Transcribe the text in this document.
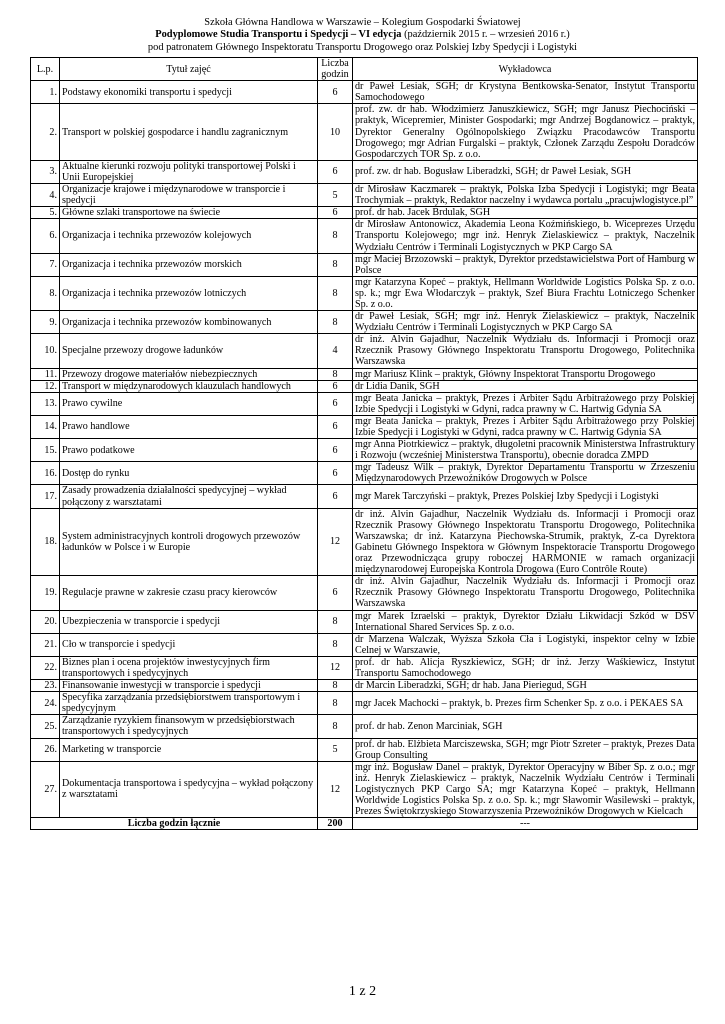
Szkoła Główna Handlowa w Warszawie – Kolegium Gospodarki Światowej
Podyplomowe Studia Transportu i Spedycji – VI edycja (październik 2015 r. – wrzesień 2016 r.)
pod patronatem Głównego Inspektoratu Transportu Drogowego oraz Polskiej Izby Spedycji i Logistyki
L.p.	Tytuł zajęć	Liczba godzin	Wykładowca
1.	Podstawy ekonomiki transportu i spedycji	6	dr Paweł Lesiak, SGH; dr Krystyna Bentkowska-Senator, Instytut Transportu Samochodowego
2.	Transport w polskiej gospodarce i handlu zagranicznym	10	prof. zw. dr hab. Włodzimierz Januszkiewicz, SGH; mgr Janusz Piechociński – praktyk, Wicepremier, Minister Gospodarki; mgr Andrzej Bogdanowicz – praktyk, Dyrektor Generalny Ogólnopolskiego Związku Pracodawców Transportu Drogowego; mgr Adrian Furgalski – praktyk, Członek Zarządu Zespołu Doradców Gospodarczych TOR Sp. z o.o.
3.	Aktualne kierunki rozwoju polityki transportowej Polski i Unii Europejskiej	6	prof. zw. dr hab. Bogusław Liberadzki, SGH; dr Paweł Lesiak, SGH
4.	Organizacje krajowe i międzynarodowe w transporcie i spedycji	5	dr Mirosław Kaczmarek – praktyk, Polska Izba Spedycji i Logistyki; mgr Beata Trochymiak – praktyk, Redaktor naczelny i wydawca portalu „pracujwlogistyce.pl”
5.	Główne szlaki transportowe na świecie	6	prof. dr hab. Jacek Brdulak, SGH
6.	Organizacja i technika przewozów kolejowych	8	dr Mirosław Antonowicz, Akademia Leona Koźmińskiego, b. Wiceprezes Urzędu Transportu Kolejowego; mgr inż. Henryk Zielaskiewicz – praktyk, Naczelnik Wydziału Centrów i Terminali Logistycznych w PKP Cargo SA
7.	Organizacja i technika przewozów morskich	8	mgr Maciej Brzozowski – praktyk, Dyrektor przedstawicielstwa Port of Hamburg w Polsce
8.	Organizacja i technika przewozów lotniczych	8	mgr Katarzyna Kopeć – praktyk, Hellmann Worldwide Logistics Polska Sp. z o.o. sp. k.; mgr Ewa Włodarczyk – praktyk, Szef Biura Frachtu Lotniczego Schenker Sp. z o.o.
9.	Organizacja i technika przewozów kombinowanych	8	dr Paweł Lesiak, SGH; mgr inż. Henryk Zielaskiewicz – praktyk, Naczelnik Wydziału Centrów i Terminali Logistycznych w PKP Cargo SA
10.	Specjalne przewozy drogowe ładunków	4	dr inż. Alvin Gajadhur, Naczelnik Wydziału ds. Informacji i Promocji oraz Rzecznik Prasowy Głównego Inspektoratu Transportu Drogowego, Politechnika Warszawska
11.	Przewozy drogowe materiałów niebezpiecznych	8	mgr Mariusz Klink – praktyk, Główny Inspektorat Transportu Drogowego
12.	Transport w międzynarodowych klauzulach handlowych	6	dr Lidia Danik, SGH
13.	Prawo cywilne	6	mgr Beata Janicka – praktyk, Prezes i Arbiter Sądu Arbitrażowego przy Polskiej Izbie Spedycji i Logistyki w Gdyni, radca prawny w C. Hartwig Gdynia SA
14.	Prawo handlowe	6	mgr Beata Janicka – praktyk, Prezes i Arbiter Sądu Arbitrażowego przy Polskiej Izbie Spedycji i Logistyki w Gdyni, radca prawny w C. Hartwig Gdynia SA
15.	Prawo podatkowe	6	mgr Anna Piotrkiewicz – praktyk, długoletni pracownik Ministerstwa Infrastruktury i Rozwoju (wcześniej Ministerstwa Transportu), obecnie doradca ZMPD
16.	Dostęp do rynku	6	mgr Tadeusz Wilk – praktyk, Dyrektor Departamentu Transportu w Zrzeszeniu Międzynarodowych Przewoźników Drogowych w Polsce
17.	Zasady prowadzenia działalności spedycyjnej – wykład połączony z warsztatami	6	mgr Marek Tarczyński – praktyk, Prezes Polskiej Izby Spedycji i Logistyki
18.	System administracyjnych kontroli drogowych przewozów ładunków w Polsce i w Europie	12	dr inż. Alvin Gajadhur, Naczelnik Wydziału ds. Informacji i Promocji oraz Rzecznik Prasowy Głównego Inspektoratu Transportu Drogowego, Politechnika Warszawska; dr inż. Katarzyna Piechowska-Strumik, praktyk, Z-ca Dyrektora Gabinetu Głównego Inspektora w Głównym Inspektoracie Transportu Drogowego oraz Przewodnicząca grupy roboczej HARMONIE w ramach organizacji międzynarodowej Europejska Kontrola Drogowa (Euro Contrôle Route)
19.	Regulacje prawne w zakresie czasu pracy kierowców	6	dr inż. Alvin Gajadhur, Naczelnik Wydziału ds. Informacji i Promocji oraz Rzecznik Prasowy Głównego Inspektoratu Transportu Drogowego, Politechnika Warszawska
20.	Ubezpieczenia w transporcie i spedycji	8	mgr Marek Izraelski – praktyk, Dyrektor Działu Likwidacji Szkód w DSV International Shared Services Sp. z o.o.
21.	Cło w transporcie i spedycji	8	dr Marzena Walczak, Wyższa Szkoła Cła i Logistyki, inspektor celny w Izbie Celnej w Warszawie,
22.	Biznes plan i ocena projektów inwestycyjnych firm transportowych i spedycyjnych	12	prof. dr hab. Alicja Ryszkiewicz, SGH; dr inż. Jerzy Waśkiewicz, Instytut Transportu Samochodowego
23.	Finansowanie inwestycji w transporcie i spedycji	8	dr Marcin Liberadzki, SGH; dr hab. Jana Pieriegud, SGH
24.	Specyfika zarządzania przedsiębiorstwem transportowym i spedycyjnym	8	mgr Jacek Machocki – praktyk, b. Prezes firm Schenker Sp. z o.o. i PEKAES SA
25.	Zarządzanie ryzykiem finansowym w przedsiębiorstwach transportowych i spedycyjnych	8	prof. dr hab. Zenon Marciniak, SGH
26.	Marketing w transporcie	5	prof. dr hab. Elżbieta Marciszewska, SGH; mgr Piotr Szreter – praktyk, Prezes Data Group Consulting
27.	Dokumentacja transportowa i spedycyjna – wykład połączony z warsztatami	12	mgr inż. Bogusław Danel – praktyk, Dyrektor Operacyjny w Biber Sp. z o.o.; mgr inż. Henryk Zielaskiewicz – praktyk, Naczelnik Wydziału Centrów i Terminali Logistycznych PKP Cargo SA; mgr Katarzyna Kopeć – praktyk, Hellmann Worldwide Logistics Polska Sp. z o.o. Sp. k.; mgr Sławomir Wasilewski – praktyk, Prezes Świętokrzyskiego Stowarzyszenia Przewoźników Drogowych w Kielcach
Liczba godzin łącznie		200	---
1 z 2
